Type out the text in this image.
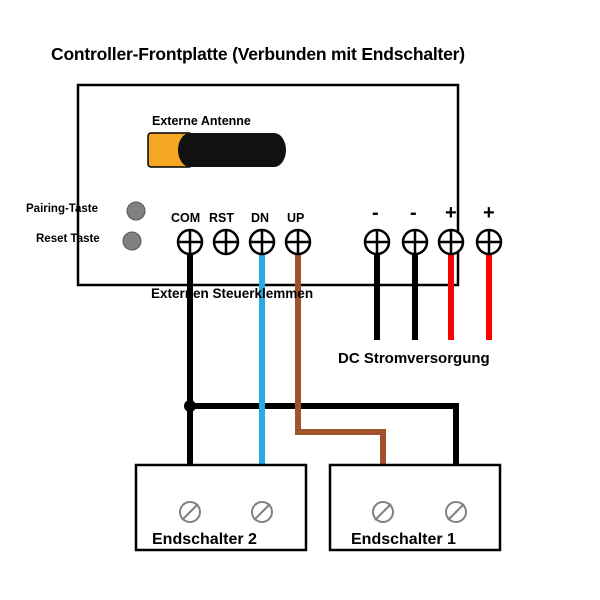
Controller-Frontplatte (Verbunden mit Endschalter)
Externe Antenne
Pairing-Taste
Reset Taste
COM RST DN UP	- - + +
Externen Steuerklemmen
DC Stromversorgung
Endschalter 2	Endschalter 1
